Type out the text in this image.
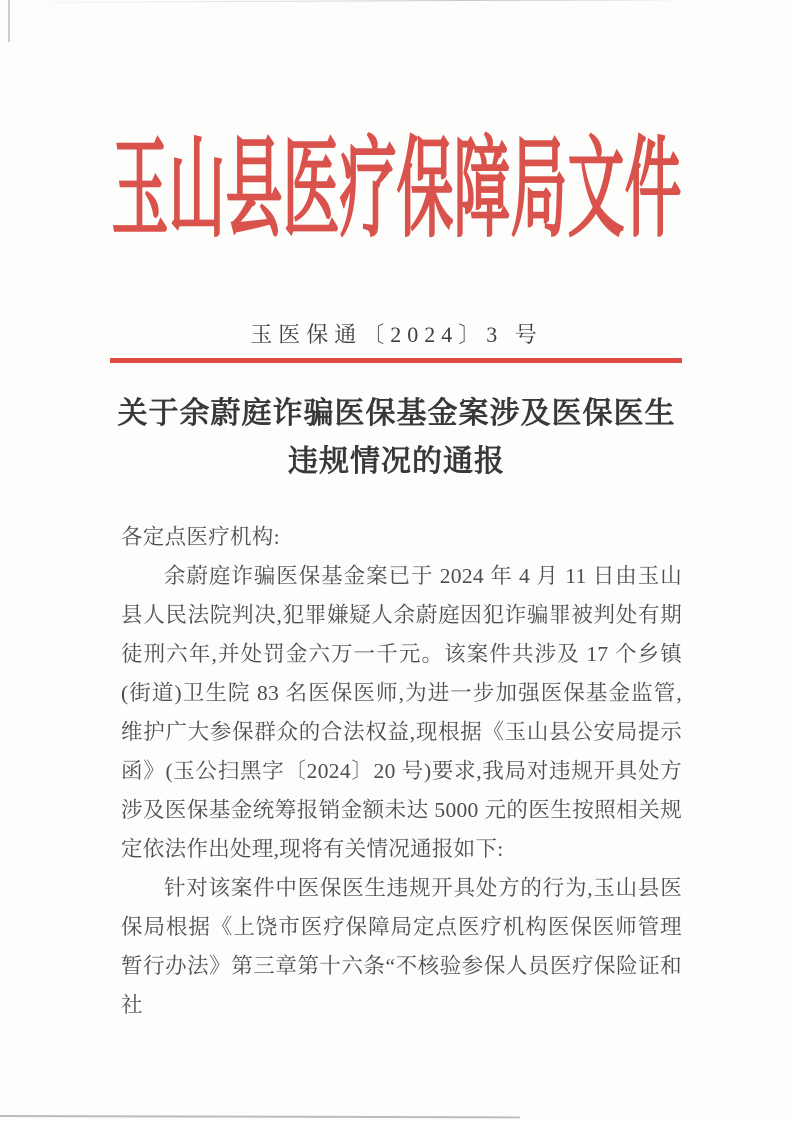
玉山县医疗保障局文件
玉医保通〔2024〕3 号
关于余蔚庭诈骗医保基金案涉及医保医生
违规情况的通报

各定点医疗机构:

余蔚庭诈骗医保基金案已于 2024 年 4 月 11 日由玉山县人民法院判决,犯罪嫌疑人余蔚庭因犯诈骗罪被判处有期徒刑六年,并处罚金六万一千元。该案件共涉及 17 个乡镇(街道)卫生院 83 名医保医师,为进一步加强医保基金监管,维护广大参保群众的合法权益,现根据《玉山县公安局提示函》(玉公扫黑字〔2024〕20 号)要求,我局对违规开具处方涉及医保基金统筹报销金额未达 5000 元的医生按照相关规定依法作出处理,现将有关情况通报如下:

针对该案件中医保医生违规开具处方的行为,玉山县医保局根据《上饶市医疗保障局定点医疗机构医保医师管理暂行办法》第三章第十六条“不核验参保人员医疗保险证和社
